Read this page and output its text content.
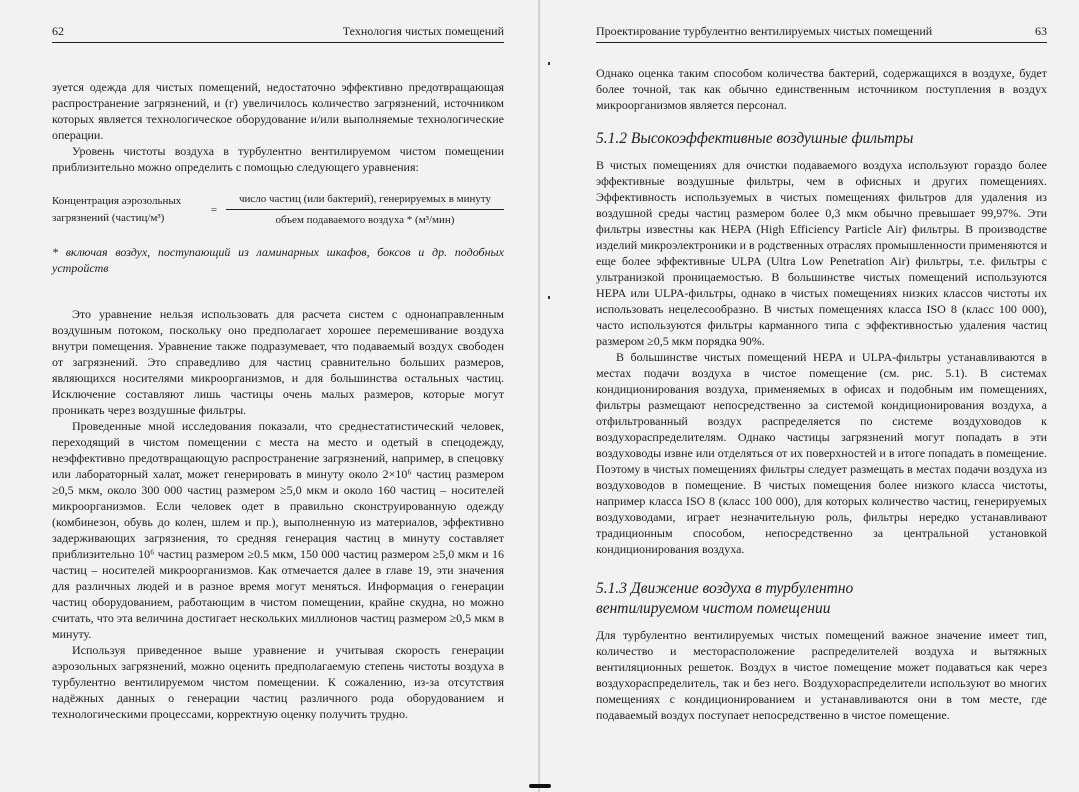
62	Технология чистых помещений

зуется одежда для чистых помещений, недостаточно эффективно предотвращающая распространение загрязнений, и (г) увеличилось количество загрязнений, источником которых является технологическое оборудование и/или выполняемые технологические операции.

Уровень чистоты воздуха в турбулентно вентилируемом чистом помещении приблизительно можно определить с помощью следующего уравнения:

Концентрация аэрозольных
загрязнений (частиц/м³)
= $\frac{\text{число частиц (или бактерий), генерируемых в минуту}}{\text{объем подаваемого воздуха * (м³/мин)}}$
* включая воздух, поступающий из ламинарных шкафов, боксов и др. подобных устройств

Это уравнение нельзя использовать для расчета систем с однонаправленным воздушным потоком, поскольку оно предполагает хорошее перемешивание воздуха внутри помещения. Уравнение также подразумевает, что подаваемый воздух свободен от загрязнений. Это справедливо для частиц сравнительно больших размеров, являющихся носителями микроорганизмов, и для большинства остальных частиц. Исключение составляют лишь частицы очень малых размеров, которые могут проникать через воздушные фильтры.

Проведенные мной исследования показали, что среднестатистический человек, переходящий в чистом помещении с места на место и одетый в спецодежду, неэффективно предотвращающую распространение загрязнений, например, в спецовку или лабораторный халат, может генерировать в минуту около 2×10⁶ частиц размером ≥0,5 мкм, около 300 000 частиц размером ≥5,0 мкм и около 160 частиц – носителей микроорганизмов. Если человек одет в правильно сконструированную одежду (комбинезон, обувь до колен, шлем и пр.), выполненную из материалов, эффективно задерживающих загрязнения, то средняя генерация частиц в минуту составляет приблизительно 10⁶ частиц размером ≥0.5 мкм, 150 000 частиц размером ≥5,0 мкм и 16 частиц – носителей микроорганизмов. Как отмечается далее в главе 19, эти значения для различных людей и в разное время могут меняться. Информация о генерации частиц оборудованием, работающим в чистом помещении, крайне скудна, но можно считать, что эта величина достигает нескольких миллионов частиц размером ≥0,5 мкм в минуту.

Используя приведенное выше уравнение и учитывая скорость генерации аэрозольных загрязнений, можно оценить предполагаемую степень чистоты воздуха в турбулентно вентилируемом чистом помещении. К сожалению, из-за отсутствия надёжных данных о генерации частиц различного рода оборудованием и технологическими процессами, корректную оценку получить трудно.

Проектирование турбулентно вентилируемых чистых помещений	63

Однако оценка таким способом количества бактерий, содержащихся в воздухе, будет более точной, так как обычно единственным источником поступления в воздух микроорганизмов является персонал.

5.1.2 Высокоэффективные воздушные фильтры

В чистых помещениях для очистки подаваемого воздуха используют гораздо более эффективные воздушные фильтры, чем в офисных и других помещениях. Эффективность используемых в чистых помещениях фильтров для удаления из воздушной среды частиц размером более 0,3 мкм обычно превышает 99,97%. Эти фильтры известны как HEPA (High Efficiency Particle Air) фильтры. В производстве изделий микроэлектроники и в родственных отраслях промышленности применяются и еще более эффективные ULPA (Ultra Low Penetration Air) фильтры, т.е. фильтры с ультранизкой проницаемостью. В большинстве чистых помещений используются HEPA или ULPA-фильтры, однако в чистых помещениях низких классов чистоты их использовать нецелесообразно. В чистых помещениях класса ISO 8 (класс 100 000), часто используются фильтры карманного типа с эффективностью удаления частиц размером ≥0,5 мкм порядка 90%.

В большинстве чистых помещений HEPA и ULPA-фильтры устанавливаются в местах подачи воздуха в чистое помещение (см. рис. 5.1). В системах кондиционирования воздуха, применяемых в офисах и подобным им помещениях, фильтры размещают непосредственно за системой кондиционирования воздуха, а отфильтрованный воздух распределяется по системе воздуховодов к воздухораспределителям. Однако частицы загрязнений могут попадать в эти воздуховоды извне или отделяться от их поверхностей и в итоге попадать в помещение. Поэтому в чистых помещениях фильтры следует размещать в местах подачи воздуха из воздуховодов в помещение. В чистых помещения более низкого класса чистоты, например класса ISO 8 (класс 100 000), для которых количество частиц, генерируемых воздуховодами, играет незначительную роль, фильтры нередко устанавливают традиционным способом, непосредственно за центральной установкой кондиционирования воздуха.

5.1.3 Движение воздуха в турбулентно
вентилируемом чистом помещении

Для турбулентно вентилируемых чистых помещений важное значение имеет тип, количество и месторасположение распределителей воздуха и вытяжных вентиляционных решеток. Воздух в чистое помещение может подаваться как через воздухораспределитель, так и без него. Воздухораспределители используют во многих помещениях с кондиционированием и устанавливаются они в том месте, где подаваемый воздух поступает непосредственно в чистое помещение.
